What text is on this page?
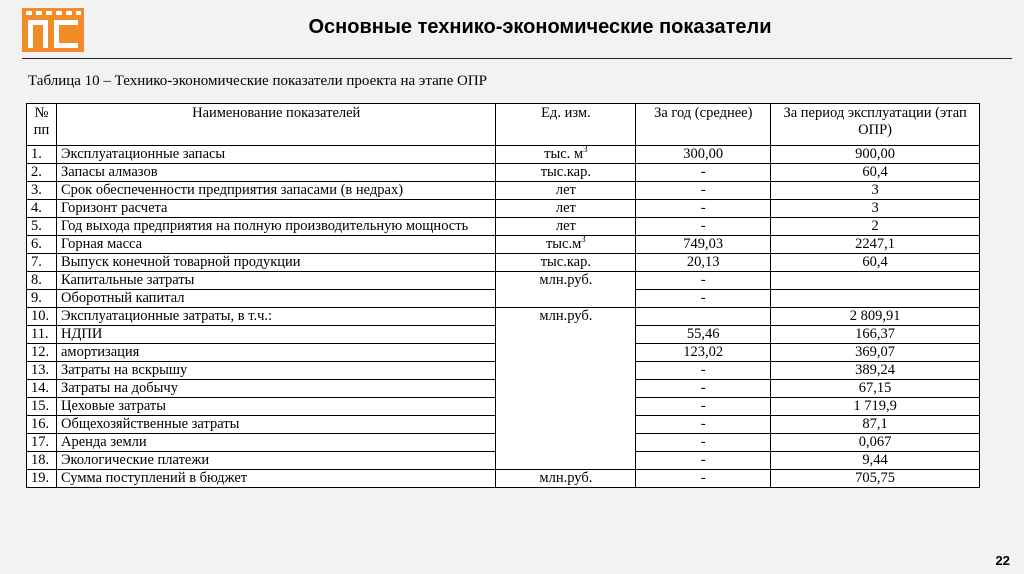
Основные технико-экономические показатели
Таблица 10 – Технико-экономические показатели проекта на этапе ОПР
№ пп	Наименование показателей	Ед. изм.	За год (среднее)	За период эксплуатации (этап ОПР)
1.	Эксплуатационные запасы	тыс. $м^3$	300,00	900,00
2.	Запасы алмазов	тыс.кар.	-	60,4
3.	Срок обеспеченности предприятия запасами (в недрах)	лет	-	3
4.	Горизонт расчета	лет	-	3
5.	Год выхода предприятия на полную производительную мощность	лет	-	2
6.	Горная масса	$тыс.м^3$	749,03	2247,1
7.	Выпуск конечной товарной продукции	тыс.кар.	20,13	60,4
8.	Капитальные затраты	млн.руб.	-	
9.	Оборотный капитал		-	
10.	Эксплуатационные затраты, в т.ч.:	млн.руб.		2 809,91
11.	НДПИ		55,46	166,37
12.	амортизация		123,02	369,07
13.	Затраты на вскрышу		-	389,24
14.	Затраты на добычу		-	67,15
15.	Цеховые затраты		-	1 719,9
16.	Общехозяйственные затраты		-	87,1
17.	Аренда земли		-	0,067
18.	Экологические платежи		-	9,44
19.	Сумма поступлений в бюджет	млн.руб.	-	705,75
22
